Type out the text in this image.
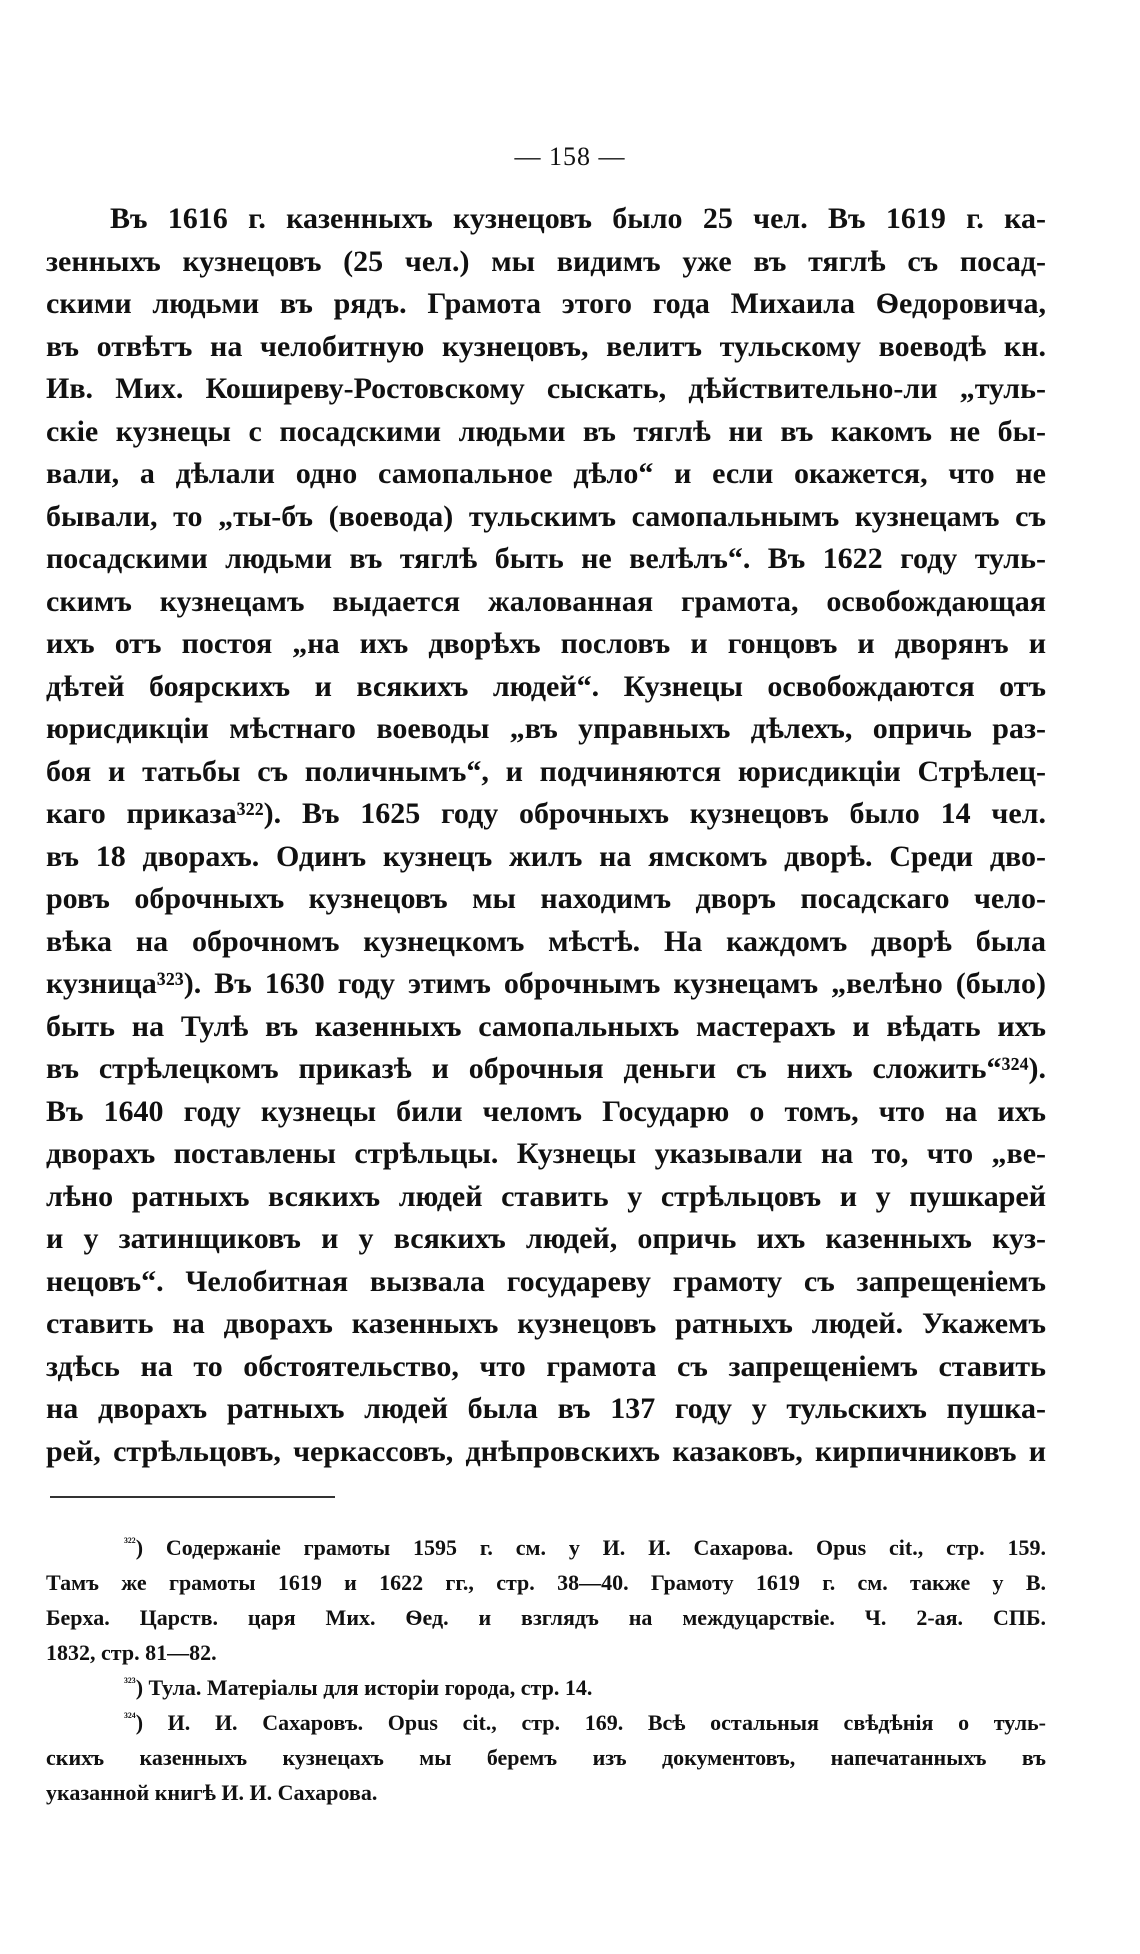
— 158 —
Въ 1616 г. казенныхъ кузнецовъ было 25 чел. Въ 1619 г. ка-
зенныхъ кузнецовъ (25 чел.) мы видимъ уже въ тяглѣ съ посад-
скими людьми въ рядъ. Грамота этого года Михаила Ѳедоровича,
въ отвѣтъ на челобитную кузнецовъ, велитъ тульскому воеводѣ кн.
Ив. Мих. Коширеву-Ростовскому сыскать, дѣйствительно-ли „туль-
скіе кузнецы с посадскими людьми въ тяглѣ ни въ какомъ не бы-
вали, а дѣлали одно самопальное дѣло“ и если окажется, что не
бывали, то „ты-бъ (воевода) тульскимъ самопальнымъ кузнецамъ съ
посадскими людьми въ тяглѣ быть не велѣлъ“. Въ 1622 году туль-
скимъ кузнецамъ выдается жалованная грамота, освобождающая
ихъ отъ постоя „на ихъ дворѣхъ пословъ и гонцовъ и дворянъ и
дѣтей боярскихъ и всякихъ людей“. Кузнецы освобождаются отъ
юрисдикціи мѣстнаго воеводы „въ управныхъ дѣлехъ, опричь раз-
боя и татьбы съ поличнымъ“, и подчиняются юрисдикціи Стрѣлец-
каго приказа³²²). Въ 1625 году оброчныхъ кузнецовъ было 14 чел.
въ 18 дворахъ. Одинъ кузнецъ жилъ на ямскомъ дворѣ. Среди дво-
ровъ оброчныхъ кузнецовъ мы находимъ дворъ посадскаго чело-
вѣка на оброчномъ кузнецкомъ мѣстѣ. На каждомъ дворѣ была
кузница³²³). Въ 1630 году этимъ оброчнымъ кузнецамъ „велѣно (было)
быть на Тулѣ въ казенныхъ самопальныхъ мастерахъ и вѣдать ихъ
въ стрѣлецкомъ приказѣ и оброчныя деньги съ нихъ сложить“³²⁴).
Въ 1640 году кузнецы били челомъ Государю о томъ, что на ихъ
дворахъ поставлены стрѣльцы. Кузнецы указывали на то, что „ве-
лѣно ратныхъ всякихъ людей ставить у стрѣльцовъ и у пушкарей
и у затинщиковъ и у всякихъ людей, опричь ихъ казенныхъ куз-
нецовъ“. Челобитная вызвала государеву грамоту съ запрещеніемъ
ставить на дворахъ казенныхъ кузнецовъ ратныхъ людей. Укажемъ
здѣсь на то обстоятельство, что грамота съ запрещеніемъ ставить
на дворахъ ратныхъ людей была въ 137 году у тульскихъ пушка-
рей, стрѣльцовъ, черкассовъ, днѣпровскихъ казаковъ, кирпичниковъ и
$^{^{322}}$) Содержаніе грамоты 1595 г. см. у И. И. Сахарова. Opus cit., стр. 159.
Тамъ же грамоты 1619 и 1622 гг., стр. 38—40. Грамоту 1619 г. см. также у В.
Берха. Царств. царя Мих. Ѳед. и взглядъ на междуцарствіе. Ч. 2-ая. СПБ.
1832, стр. 81—82.
$^{^{323}}$) Тула. Матеріалы для исторіи города, стр. 14.
$^{^{324}}$) И. И. Сахаровъ. Opus cit., стр. 169. Всѣ остальныя свѣдѣнія о туль-
скихъ казенныхъ кузнецахъ мы беремъ изъ документовъ, напечатанныхъ въ
указанной книгѣ И. И. Сахарова.
